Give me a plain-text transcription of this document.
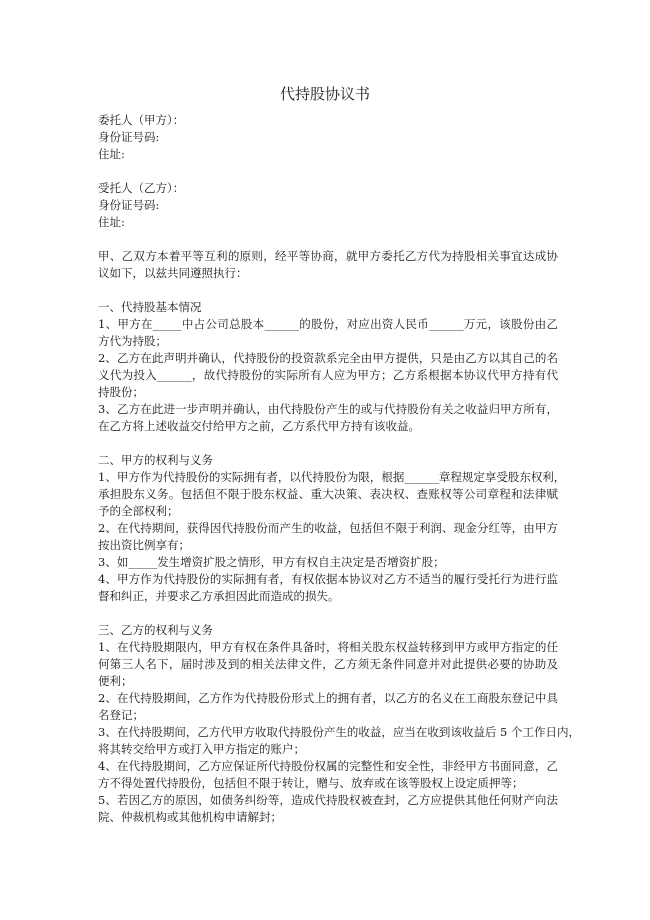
代持股协议书
委托人（甲方）：
身份证号码:
住址:
受托人（乙方）：
身份证号码:
住址:
甲、乙双方本着平等互利的原则，经平等协商，就甲方委托乙方代为持股相关事宜达成协
议如下，以兹共同遵照执行：
一、代持股基本情况
1、甲方在_____中占公司总股本______的股份，对应出资人民币______万元，该股份由乙
方代为持股；
2、乙方在此声明并确认，代持股份的投资款系完全由甲方提供，只是由乙方以其自己的名
义代为投入______，故代持股份的实际所有人应为甲方；乙方系根据本协议代甲方持有代
持股份；
3、乙方在此进一步声明并确认，由代持股份产生的或与代持股份有关之收益归甲方所有，
在乙方将上述收益交付给甲方之前，乙方系代甲方持有该收益。
二、甲方的权利与义务
1、甲方作为代持股份的实际拥有者，以代持股份为限，根据______章程规定享受股东权利，
承担股东义务。包括但不限于股东权益、重大决策、表决权、查账权等公司章程和法律赋
予的全部权利；
2、在代持期间，获得因代持股份而产生的收益，包括但不限于利润、现金分红等，由甲方
按出资比例享有；
3、如_____发生增资扩股之情形，甲方有权自主决定是否增资扩股；
4、甲方作为代持股份的实际拥有者，有权依据本协议对乙方不适当的履行受托行为进行监
督和纠正，并要求乙方承担因此而造成的损失。
三、乙方的权利与义务
1、在代持股期限内，甲方有权在条件具备时，将相关股东权益转移到甲方或甲方指定的任
何第三人名下，届时涉及到的相关法律文件，乙方须无条件同意并对此提供必要的协助及
便利；
2、在代持股期间，乙方作为代持股份形式上的拥有者，以乙方的名义在工商股东登记中具
名登记；
3、在代持股期间，乙方代甲方收取代持股份产生的收益，应当在收到该收益后 5 个工作日内，
将其转交给甲方或打入甲方指定的账户；
4、在代持股期间，乙方应保证所代持股份权属的完整性和安全性，非经甲方书面同意，乙
方不得处置代持股份，包括但不限于转让，赠与、放弃或在该等股权上设定质押等；
5、若因乙方的原因，如债务纠纷等，造成代持股权被查封，乙方应提供其他任何财产向法
院、仲裁机构或其他机构申请解封；
